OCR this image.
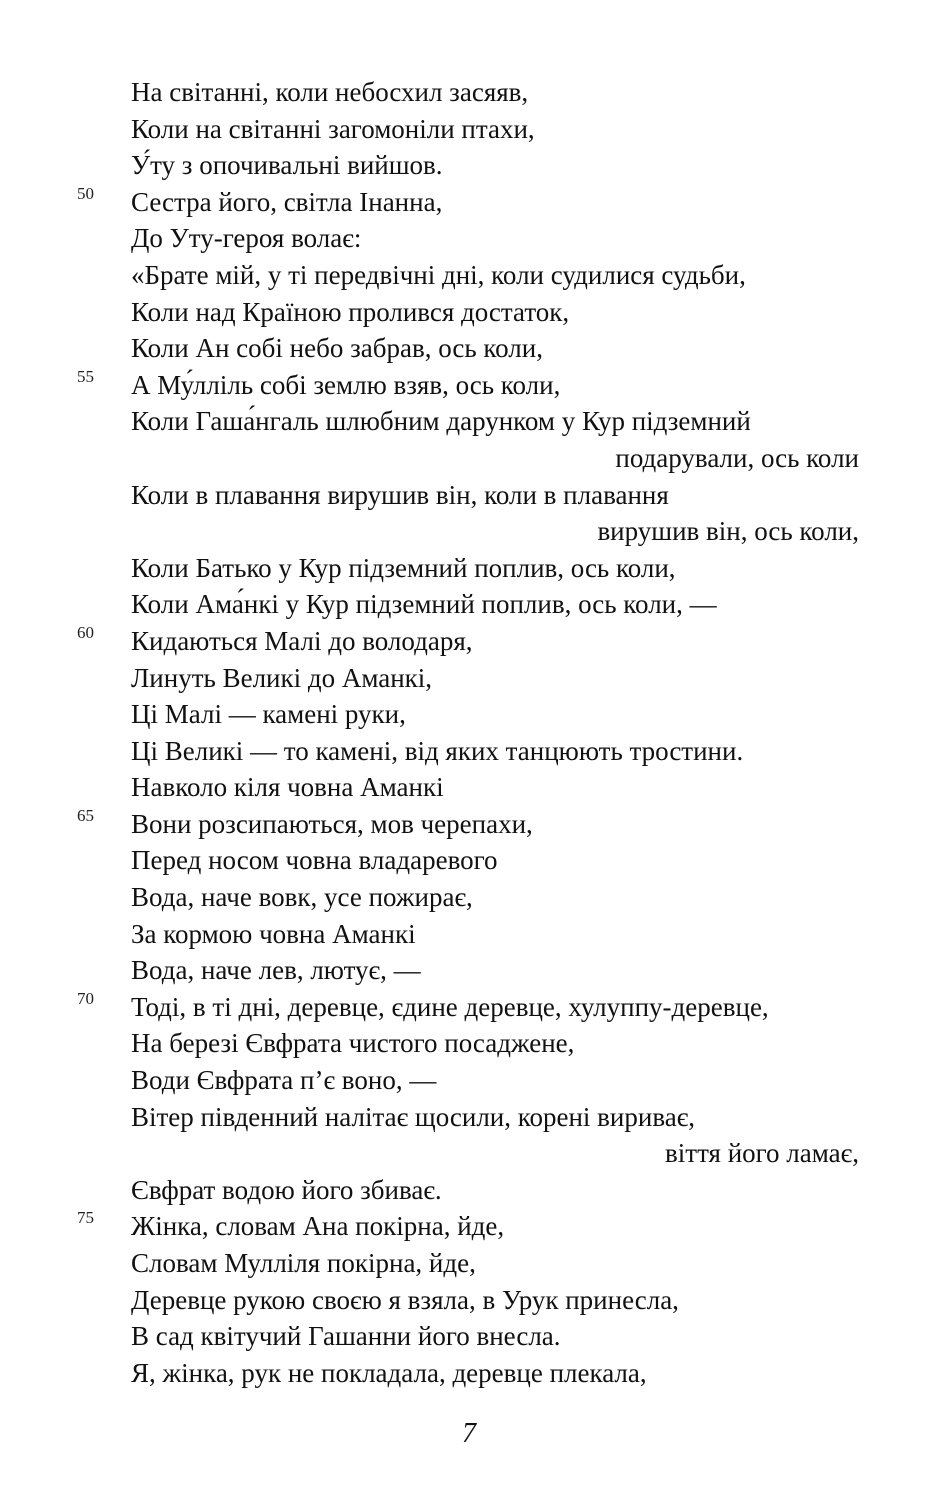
На світанні, коли небосхил засяяв,
Коли на світанні загомоніли птахи,
У́ту з опочивальні вийшов.
50 Сестра його, світла Інанна,
До Уту-героя волає:
«Брате мій, у ті передвічні дні, коли судилися судьби,
Коли над Країною пролився достаток,
Коли Ан собі небо забрав, ось коли,
55 А Му́лліль собі землю взяв, ось коли,
Коли Гаша́нгаль шлюбним дарунком у Кур підземний
подарували, ось коли
Коли в плавання вирушив він, коли в плавання
вирушив він, ось коли,
Коли Батько у Кур підземний поплив, ось коли,
Коли Ама́нкі у Кур підземний поплив, ось коли, —
60 Кидаються Малі до володаря,
Линуть Великі до Аманкі,
Ці Малі — камені руки,
Ці Великі — то камені, від яких танцюють тростини.
Навколо кіля човна Аманкі
65 Вони розсипаються, мов черепахи,
Перед носом човна владаревого
Вода, наче вовк, усе пожирає,
За кормою човна Аманкі
Вода, наче лев, лютує, —
70 Тоді, в ті дні, деревце, єдине деревце, хулуппу-деревце,
На березі Євфрата чистого посаджене,
Води Євфрата п’є воно, —
Вітер південний налітає щосили, корені вириває,
віття його ламає,
Євфрат водою його збиває.
75 Жінка, словам Ана покірна, йде,
Словам Мулліля покірна, йде,
Деревце рукою своєю я взяла, в Урук принесла,
В сад квітучий Гашанни його внесла.
Я, жінка, рук не покладала, деревце плекала,
7
